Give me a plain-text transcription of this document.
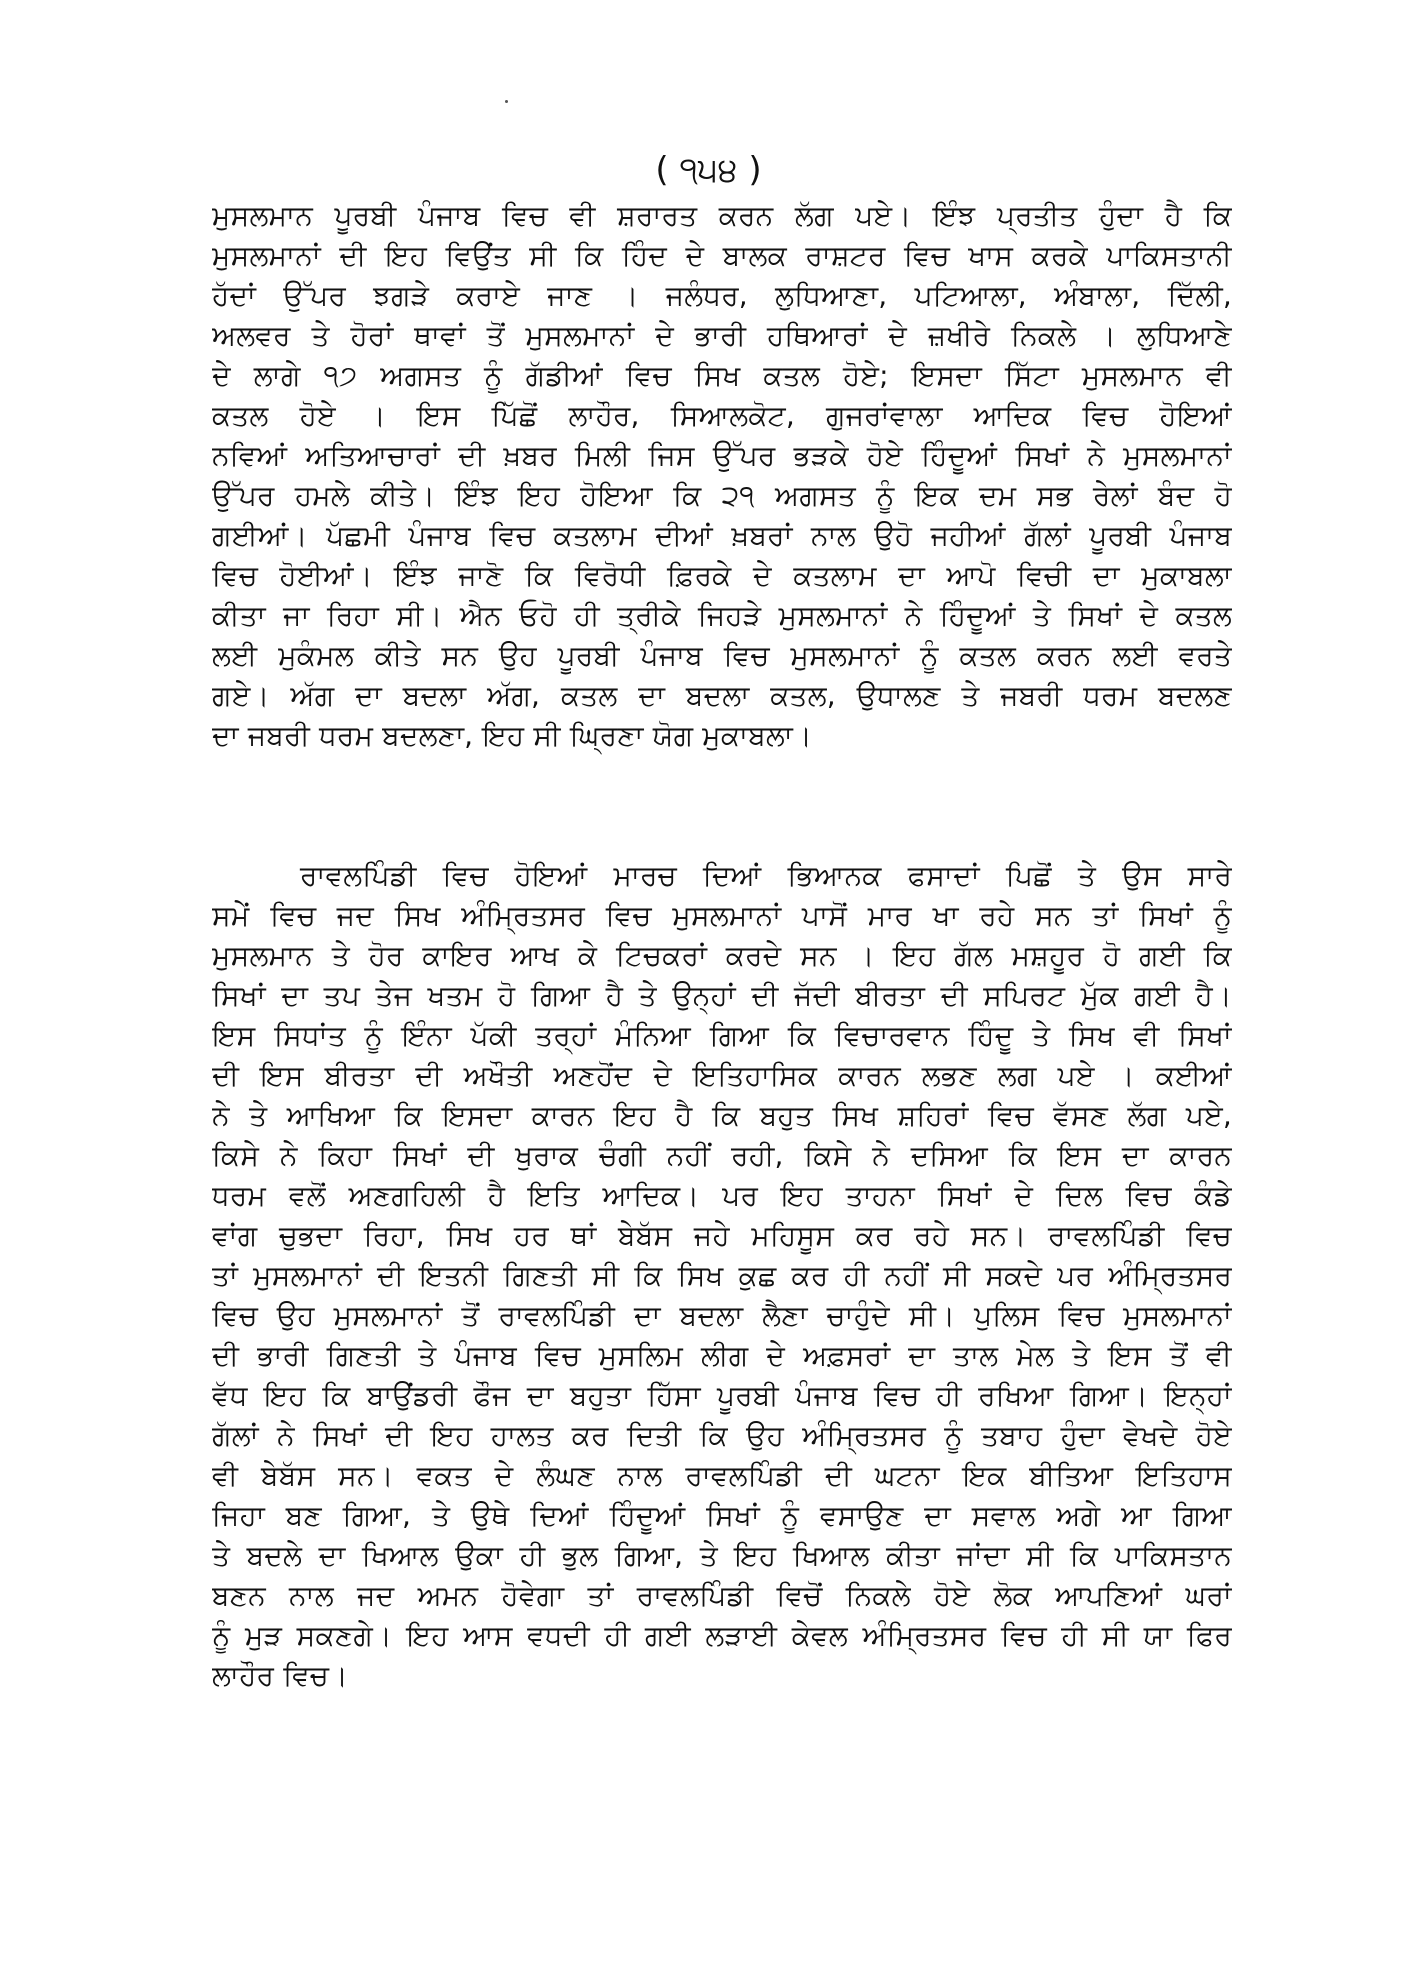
( ੧੫੪ )
ਮੁਸਲਮਾਨ ਪੂਰਬੀ ਪੰਜਾਬ ਵਿਚ ਵੀ ਸ਼ਰਾਰਤ ਕਰਨ ਲੱਗ ਪਏ। ਇੰਝ ਪ੍ਰਤੀਤ ਹੁੰਦਾ ਹੈ ਕਿ
ਮੁਸਲਮਾਨਾਂ ਦੀ ਇਹ ਵਿਉਂਤ ਸੀ ਕਿ ਹਿੰਦ ਦੇ ਬਾਲਕ ਰਾਸ਼ਟਰ ਵਿਚ ਖਾਸ ਕਰਕੇ ਪਾਕਿਸਤਾਨੀ
ਹੱਦਾਂ ਉੱਪਰ ਝਗੜੇ ਕਰਾਏ ਜਾਣ । ਜਲੰਧਰ, ਲੁਧਿਆਣਾ, ਪਟਿਆਲਾ, ਅੰਬਾਲਾ, ਦਿੱਲੀ,
ਅਲਵਰ ਤੇ ਹੋਰਾਂ ਥਾਵਾਂ ਤੋਂ ਮੁਸਲਮਾਨਾਂ ਦੇ ਭਾਰੀ ਹਥਿਆਰਾਂ ਦੇ ਜ਼ਖੀਰੇ ਨਿਕਲੇ । ਲੁਧਿਆਣੇ
ਦੇ ਲਾਗੇ ੧੭ ਅਗਸਤ ਨੂੰ ਗੱਡੀਆਂ ਵਿਚ ਸਿਖ ਕਤਲ ਹੋਏ; ਇਸਦਾ ਸਿੱਟਾ ਮੁਸਲਮਾਨ ਵੀ
ਕਤਲ ਹੋਏ । ਇਸ ਪਿੱਛੋਂ ਲਾਹੌਰ, ਸਿਆਲਕੋਟ, ਗੁਜਰਾਂਵਾਲਾ ਆਦਿਕ ਵਿਚ ਹੋਇਆਂ
ਨਵਿਆਂ ਅਤਿਆਚਾਰਾਂ ਦੀ ਖ਼ਬਰ ਮਿਲੀ ਜਿਸ ਉੱਪਰ ਭੜਕੇ ਹੋਏ ਹਿੰਦੂਆਂ ਸਿਖਾਂ ਨੇ ਮੁਸਲਮਾਨਾਂ
ਉੱਪਰ ਹਮਲੇ ਕੀਤੇ। ਇੰਝ ਇਹ ਹੋਇਆ ਕਿ ੨੧ ਅਗਸਤ ਨੂੰ ਇਕ ਦਮ ਸਭ ਰੇਲਾਂ ਬੰਦ ਹੋ
ਗਈਆਂ। ਪੱਛਮੀ ਪੰਜਾਬ ਵਿਚ ਕਤਲਾਮ ਦੀਆਂ ਖ਼ਬਰਾਂ ਨਾਲ ਉਹੋ ਜਹੀਆਂ ਗੱਲਾਂ ਪੂਰਬੀ ਪੰਜਾਬ
ਵਿਚ ਹੋਈਆਂ। ਇੰਝ ਜਾਣੋ ਕਿ ਵਿਰੋਧੀ ਫ਼ਿਰਕੇ ਦੇ ਕਤਲਾਮ ਦਾ ਆਪੋ ਵਿਚੀ ਦਾ ਮੁਕਾਬਲਾ
ਕੀਤਾ ਜਾ ਰਿਹਾ ਸੀ। ਐਨ ਓਹੋ ਹੀ ਤ੍ਰੀਕੇ ਜਿਹੜੇ ਮੁਸਲਮਾਨਾਂ ਨੇ ਹਿੰਦੂਆਂ ਤੇ ਸਿਖਾਂ ਦੇ ਕਤਲ
ਲਈ ਮੁਕੰਮਲ ਕੀਤੇ ਸਨ ਉਹ ਪੂਰਬੀ ਪੰਜਾਬ ਵਿਚ ਮੁਸਲਮਾਨਾਂ ਨੂੰ ਕਤਲ ਕਰਨ ਲਈ ਵਰਤੇ
ਗਏ। ਅੱਗ ਦਾ ਬਦਲਾ ਅੱਗ, ਕਤਲ ਦਾ ਬਦਲਾ ਕਤਲ, ਉਧਾਲਣ ਤੇ ਜਬਰੀ ਧਰਮ ਬਦਲਣ
ਦਾ ਜਬਰੀ ਧਰਮ ਬਦਲਣਾ, ਇਹ ਸੀ ਘ੍ਰਿਣਾ ਯੋਗ ਮੁਕਾਬਲਾ।
ਰਾਵਲਪਿੰਡੀ ਵਿਚ ਹੋਇਆਂ ਮਾਰਚ ਦਿਆਂ ਭਿਆਨਕ ਫਸਾਦਾਂ ਪਿਛੋਂ ਤੇ ਉਸ ਸਾਰੇ
ਸਮੇਂ ਵਿਚ ਜਦ ਸਿਖ ਅੰਮ੍ਰਿਤਸਰ ਵਿਚ ਮੁਸਲਮਾਨਾਂ ਪਾਸੋਂ ਮਾਰ ਖਾ ਰਹੇ ਸਨ ਤਾਂ ਸਿਖਾਂ ਨੂੰ
ਮੁਸਲਮਾਨ ਤੇ ਹੋਰ ਕਾਇਰ ਆਖ ਕੇ ਟਿਚਕਰਾਂ ਕਰਦੇ ਸਨ । ਇਹ ਗੱਲ ਮਸ਼ਹੂਰ ਹੋ ਗਈ ਕਿ
ਸਿਖਾਂ ਦਾ ਤਪ ਤੇਜ ਖਤਮ ਹੋ ਗਿਆ ਹੈ ਤੇ ਉਨ੍ਹਾਂ ਦੀ ਜੱਦੀ ਬੀਰਤਾ ਦੀ ਸਪਿਰਟ ਮੁੱਕ ਗਈ ਹੈ।
ਇਸ ਸਿਧਾਂਤ ਨੂੰ ਇੰਨਾ ਪੱਕੀ ਤਰ੍ਹਾਂ ਮੰਨਿਆ ਗਿਆ ਕਿ ਵਿਚਾਰਵਾਨ ਹਿੰਦੂ ਤੇ ਸਿਖ ਵੀ ਸਿਖਾਂ
ਦੀ ਇਸ ਬੀਰਤਾ ਦੀ ਅਖੌਤੀ ਅਣਹੋਂਦ ਦੇ ਇਤਿਹਾਸਿਕ ਕਾਰਨ ਲਭਣ ਲਗ ਪਏ । ਕਈਆਂ
ਨੇ ਤੇ ਆਖਿਆ ਕਿ ਇਸਦਾ ਕਾਰਨ ਇਹ ਹੈ ਕਿ ਬਹੁਤ ਸਿਖ ਸ਼ਹਿਰਾਂ ਵਿਚ ਵੱਸਣ ਲੱਗ ਪਏ,
ਕਿਸੇ ਨੇ ਕਿਹਾ ਸਿਖਾਂ ਦੀ ਖੁਰਾਕ ਚੰਗੀ ਨਹੀਂ ਰਹੀ, ਕਿਸੇ ਨੇ ਦਸਿਆ ਕਿ ਇਸ ਦਾ ਕਾਰਨ
ਧਰਮ ਵਲੋਂ ਅਣਗਹਿਲੀ ਹੈ ਇਤਿ ਆਦਿਕ। ਪਰ ਇਹ ਤਾਹਨਾ ਸਿਖਾਂ ਦੇ ਦਿਲ ਵਿਚ ਕੰਡੇ
ਵਾਂਗ ਚੁਭਦਾ ਰਿਹਾ, ਸਿਖ ਹਰ ਥਾਂ ਬੇਬੱਸ ਜਹੇ ਮਹਿਸੂਸ ਕਰ ਰਹੇ ਸਨ। ਰਾਵਲਪਿੰਡੀ ਵਿਚ
ਤਾਂ ਮੁਸਲਮਾਨਾਂ ਦੀ ਇਤਨੀ ਗਿਣਤੀ ਸੀ ਕਿ ਸਿਖ ਕੁਛ ਕਰ ਹੀ ਨਹੀਂ ਸੀ ਸਕਦੇ ਪਰ ਅੰਮ੍ਰਿਤਸਰ
ਵਿਚ ਉਹ ਮੁਸਲਮਾਨਾਂ ਤੋਂ ਰਾਵਲਪਿੰਡੀ ਦਾ ਬਦਲਾ ਲੈਣਾ ਚਾਹੁੰਦੇ ਸੀ। ਪੁਲਿਸ ਵਿਚ ਮੁਸਲਮਾਨਾਂ
ਦੀ ਭਾਰੀ ਗਿਣਤੀ ਤੇ ਪੰਜਾਬ ਵਿਚ ਮੁਸਲਿਮ ਲੀਗ ਦੇ ਅਫ਼ਸਰਾਂ ਦਾ ਤਾਲ ਮੇਲ ਤੇ ਇਸ ਤੋਂ ਵੀ
ਵੱਧ ਇਹ ਕਿ ਬਾਉਂਡਰੀ ਫੌਜ ਦਾ ਬਹੁਤਾ ਹਿੱਸਾ ਪੂਰਬੀ ਪੰਜਾਬ ਵਿਚ ਹੀ ਰਖਿਆ ਗਿਆ। ਇਨ੍ਹਾਂ
ਗੱਲਾਂ ਨੇ ਸਿਖਾਂ ਦੀ ਇਹ ਹਾਲਤ ਕਰ ਦਿਤੀ ਕਿ ਉਹ ਅੰਮ੍ਰਿਤਸਰ ਨੂੰ ਤਬਾਹ ਹੁੰਦਾ ਵੇਖਦੇ ਹੋਏ
ਵੀ ਬੇਬੱਸ ਸਨ। ਵਕਤ ਦੇ ਲੰਘਣ ਨਾਲ ਰਾਵਲਪਿੰਡੀ ਦੀ ਘਟਨਾ ਇਕ ਬੀਤਿਆ ਇਤਿਹਾਸ
ਜਿਹਾ ਬਣ ਗਿਆ, ਤੇ ਉਥੇ ਦਿਆਂ ਹਿੰਦੂਆਂ ਸਿਖਾਂ ਨੂੰ ਵਸਾਉਣ ਦਾ ਸਵਾਲ ਅਗੇ ਆ ਗਿਆ
ਤੇ ਬਦਲੇ ਦਾ ਖਿਆਲ ਉਕਾ ਹੀ ਭੁਲ ਗਿਆ, ਤੇ ਇਹ ਖਿਆਲ ਕੀਤਾ ਜਾਂਦਾ ਸੀ ਕਿ ਪਾਕਿਸਤਾਨ
ਬਣਨ ਨਾਲ ਜਦ ਅਮਨ ਹੋਵੇਗਾ ਤਾਂ ਰਾਵਲਪਿੰਡੀ ਵਿਚੋਂ ਨਿਕਲੇ ਹੋਏ ਲੋਕ ਆਪਣਿਆਂ ਘਰਾਂ
ਨੂੰ ਮੁੜ ਸਕਣਗੇ। ਇਹ ਆਸ ਵਧਦੀ ਹੀ ਗਈ ਲੜਾਈ ਕੇਵਲ ਅੰਮ੍ਰਿਤਸਰ ਵਿਚ ਹੀ ਸੀ ਯਾ ਫਿਰ
ਲਾਹੌਰ ਵਿਚ।
